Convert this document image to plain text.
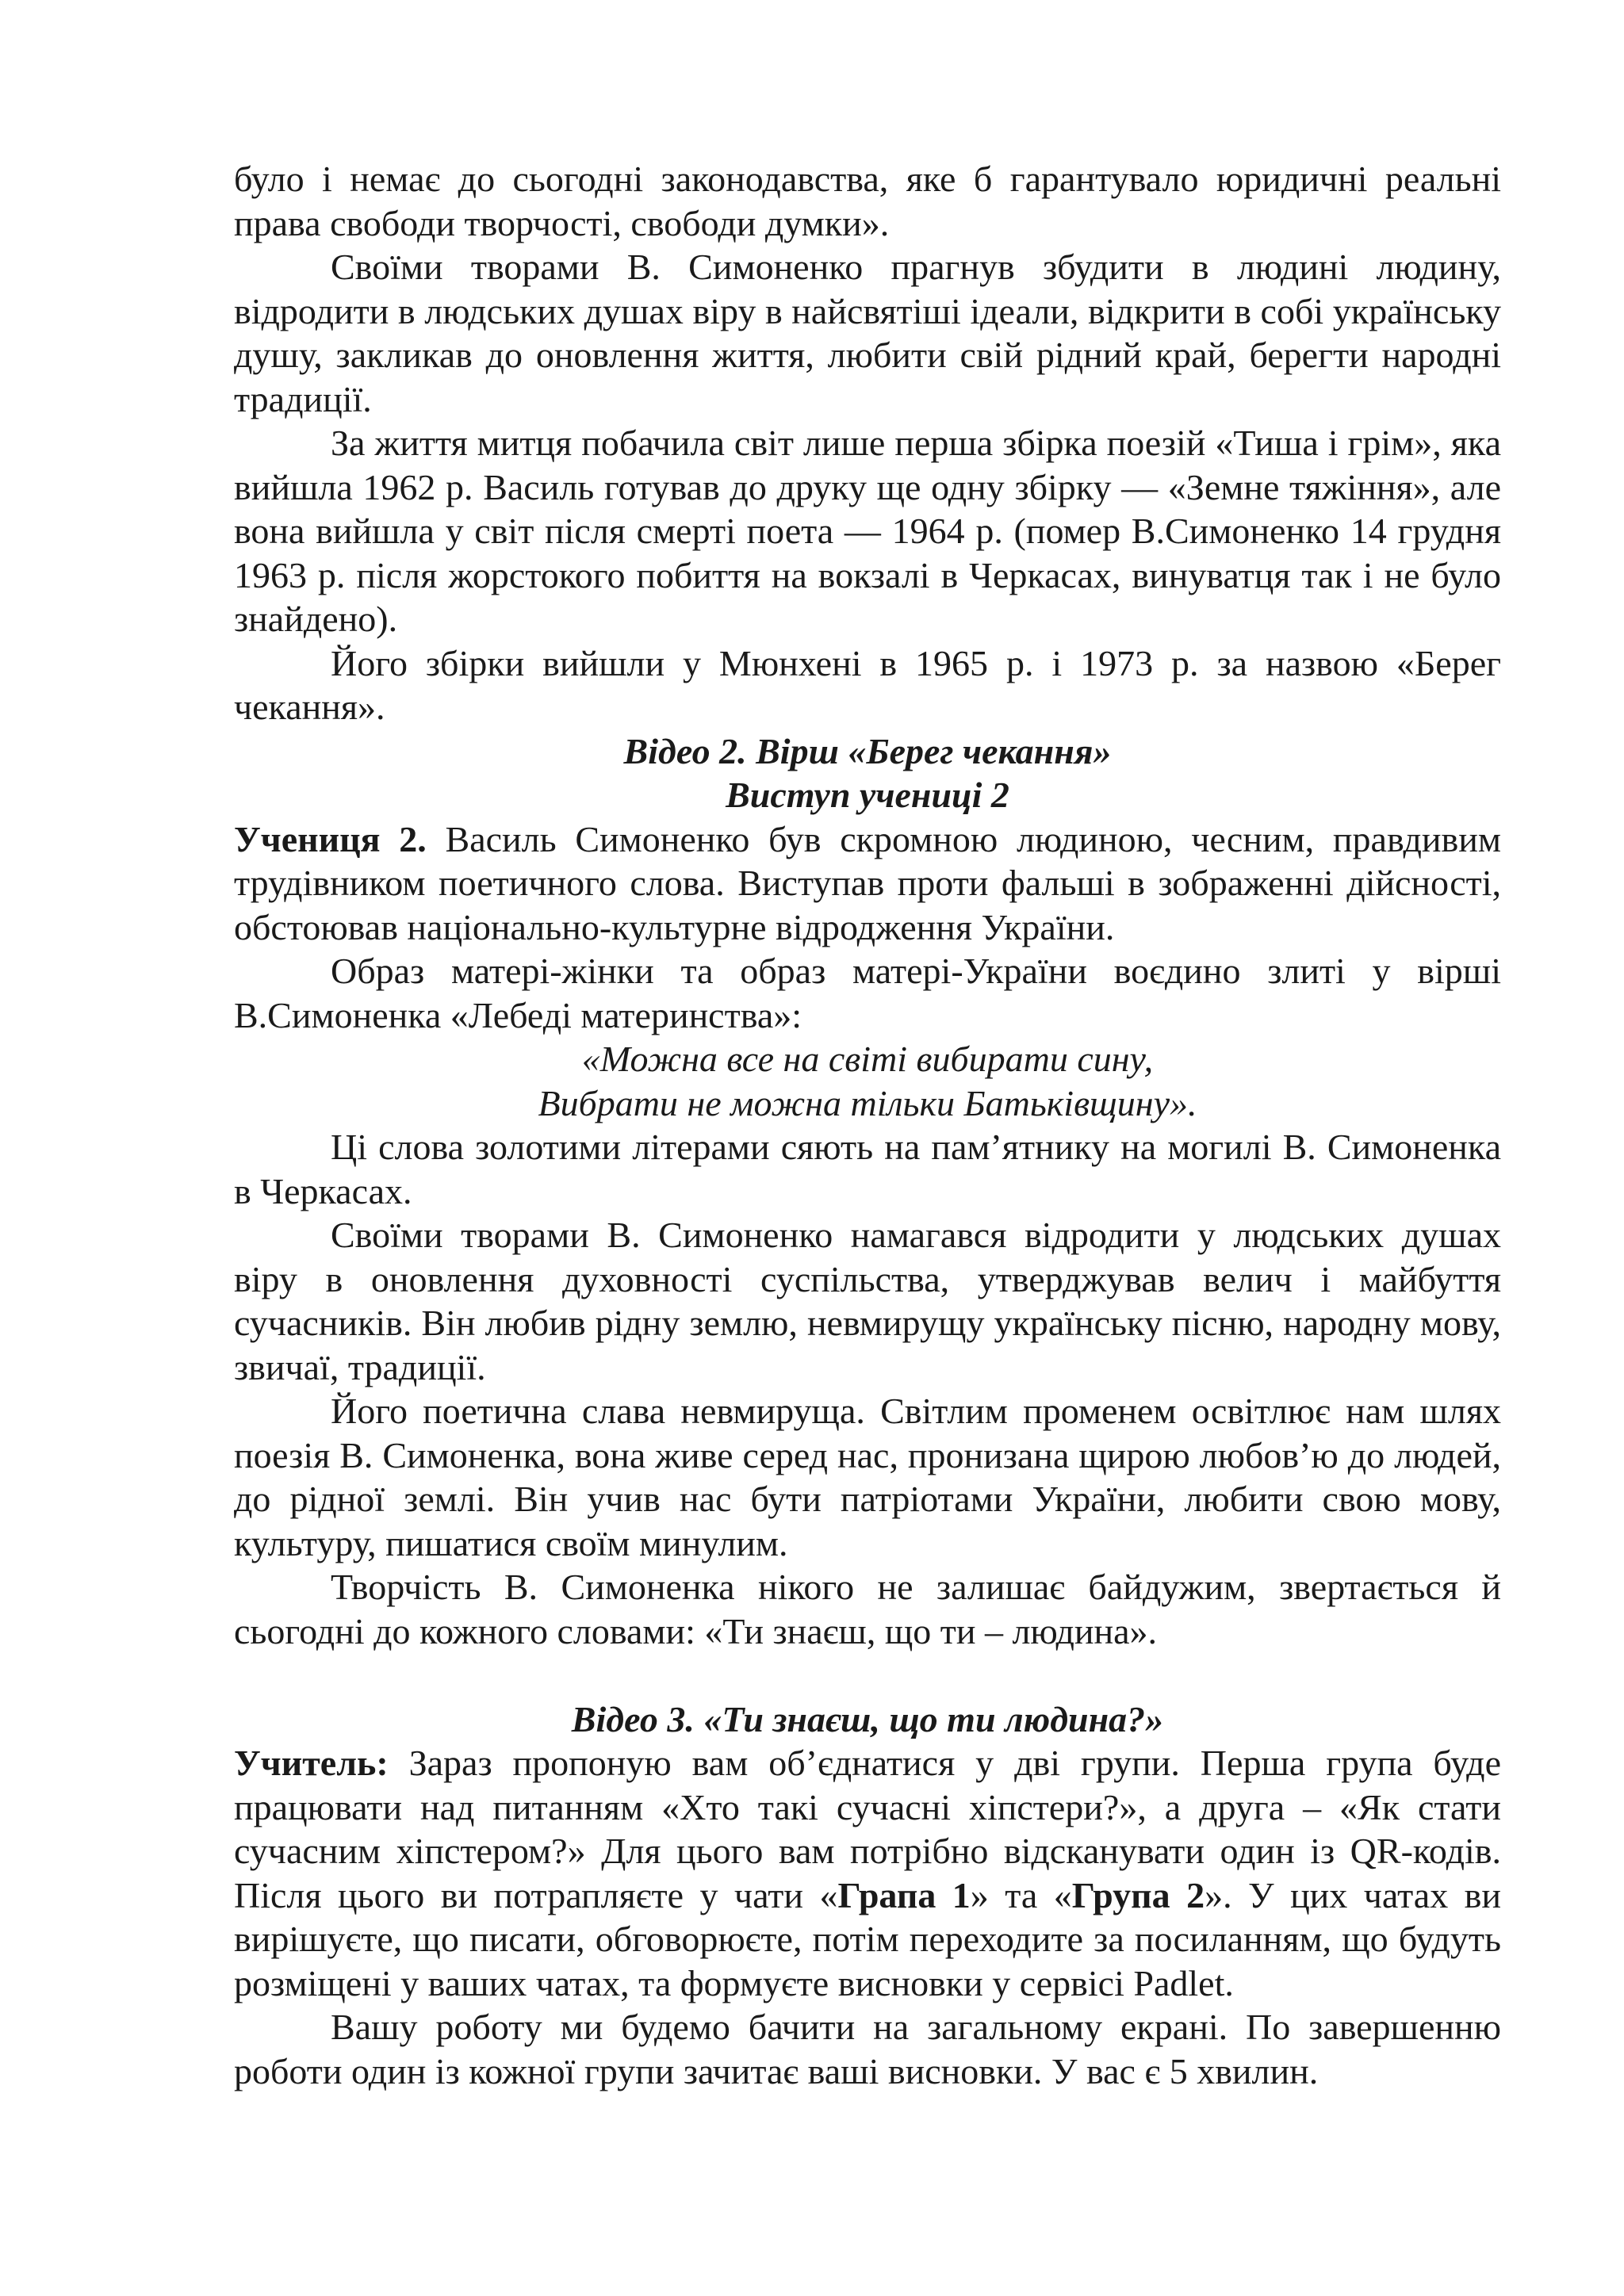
було і немає до сьогодні законодавства, яке б гарантувало юридичні реальні права свободи творчості, свободи думки».

Своїми творами В. Симоненко прагнув збудити в людині людину, відродити в людських душах віру в найсвятіші ідеали, відкрити в собі українську душу, закликав до оновлення життя, любити свій рідний край, берегти народні традиції.

За життя митця побачила світ лише перша збірка поезій «Тиша і грім», яка вийшла 1962 р. Василь готував до друку ще одну збірку — «Земне тяжіння», але вона вийшла у світ після смерті поета — 1964 р. (помер В.Симоненко 14 грудня 1963 р. після жорстокого побиття на вокзалі в Черкасах, винуватця так і не було знайдено).

Його збірки вийшли у Мюнхені в 1965 р. і 1973 р. за назвою «Берег чекання».

Відео 2. Вірш «Берег чекання»
Виступ учениці 2

Учениця 2. Василь Симоненко був скромною людиною, чесним, правдивим трудівником поетичного слова. Виступав проти фальші в зображенні дійсності, обстоював національно-культурне відродження України.

Образ матері-жінки та образ матері-України воєдино злиті у вірші В.Симоненка «Лебеді материнства»:

«Можна все на світі вибирати сину,
Вибрати не можна тільки Батьківщину».

Ці слова золотими літерами сяють на пам’ятнику на могилі В. Симоненка в Черкасах.

Своїми творами В. Симоненко намагався відродити у людських душах віру в оновлення духовності суспільства, утверджував велич і майбуття сучасників. Він любив рідну землю, невмирущу українську пісню, народну мову, звичаї, традиції.

Його поетична слава невмируща. Світлим променем освітлює нам шлях поезія В. Симоненка, вона живе серед нас, пронизана щирою любов’ю до людей, до рідної землі. Він учив нас бути патріотами України, любити свою мову, культуру, пишатися своїм минулим.

Творчість В. Симоненка нікого не залишає байдужим, звертається й сьогодні до кожного словами: «Ти знаєш, що ти – людина».

Відео 3. «Ти знаєш, що ти людина?»

Учитель: Зараз пропоную вам об’єднатися у дві групи. Перша група буде працювати над питанням «Хто такі сучасні хіпстери?», а друга – «Як стати сучасним хіпстером?» Для цього вам потрібно відсканувати один із QR-кодів. Після цього ви потрапляєте у чати «Грапа 1» та «Група 2». У цих чатах ви вирішуєте, що писати, обговорюєте, потім переходите за посиланням, що будуть розміщені у ваших чатах, та формуєте висновки у сервісі Padlet.

Вашу роботу ми будемо бачити на загальному екрані. По завершенню роботи один із кожної групи зачитає ваші висновки. У вас є 5 хвилин.
